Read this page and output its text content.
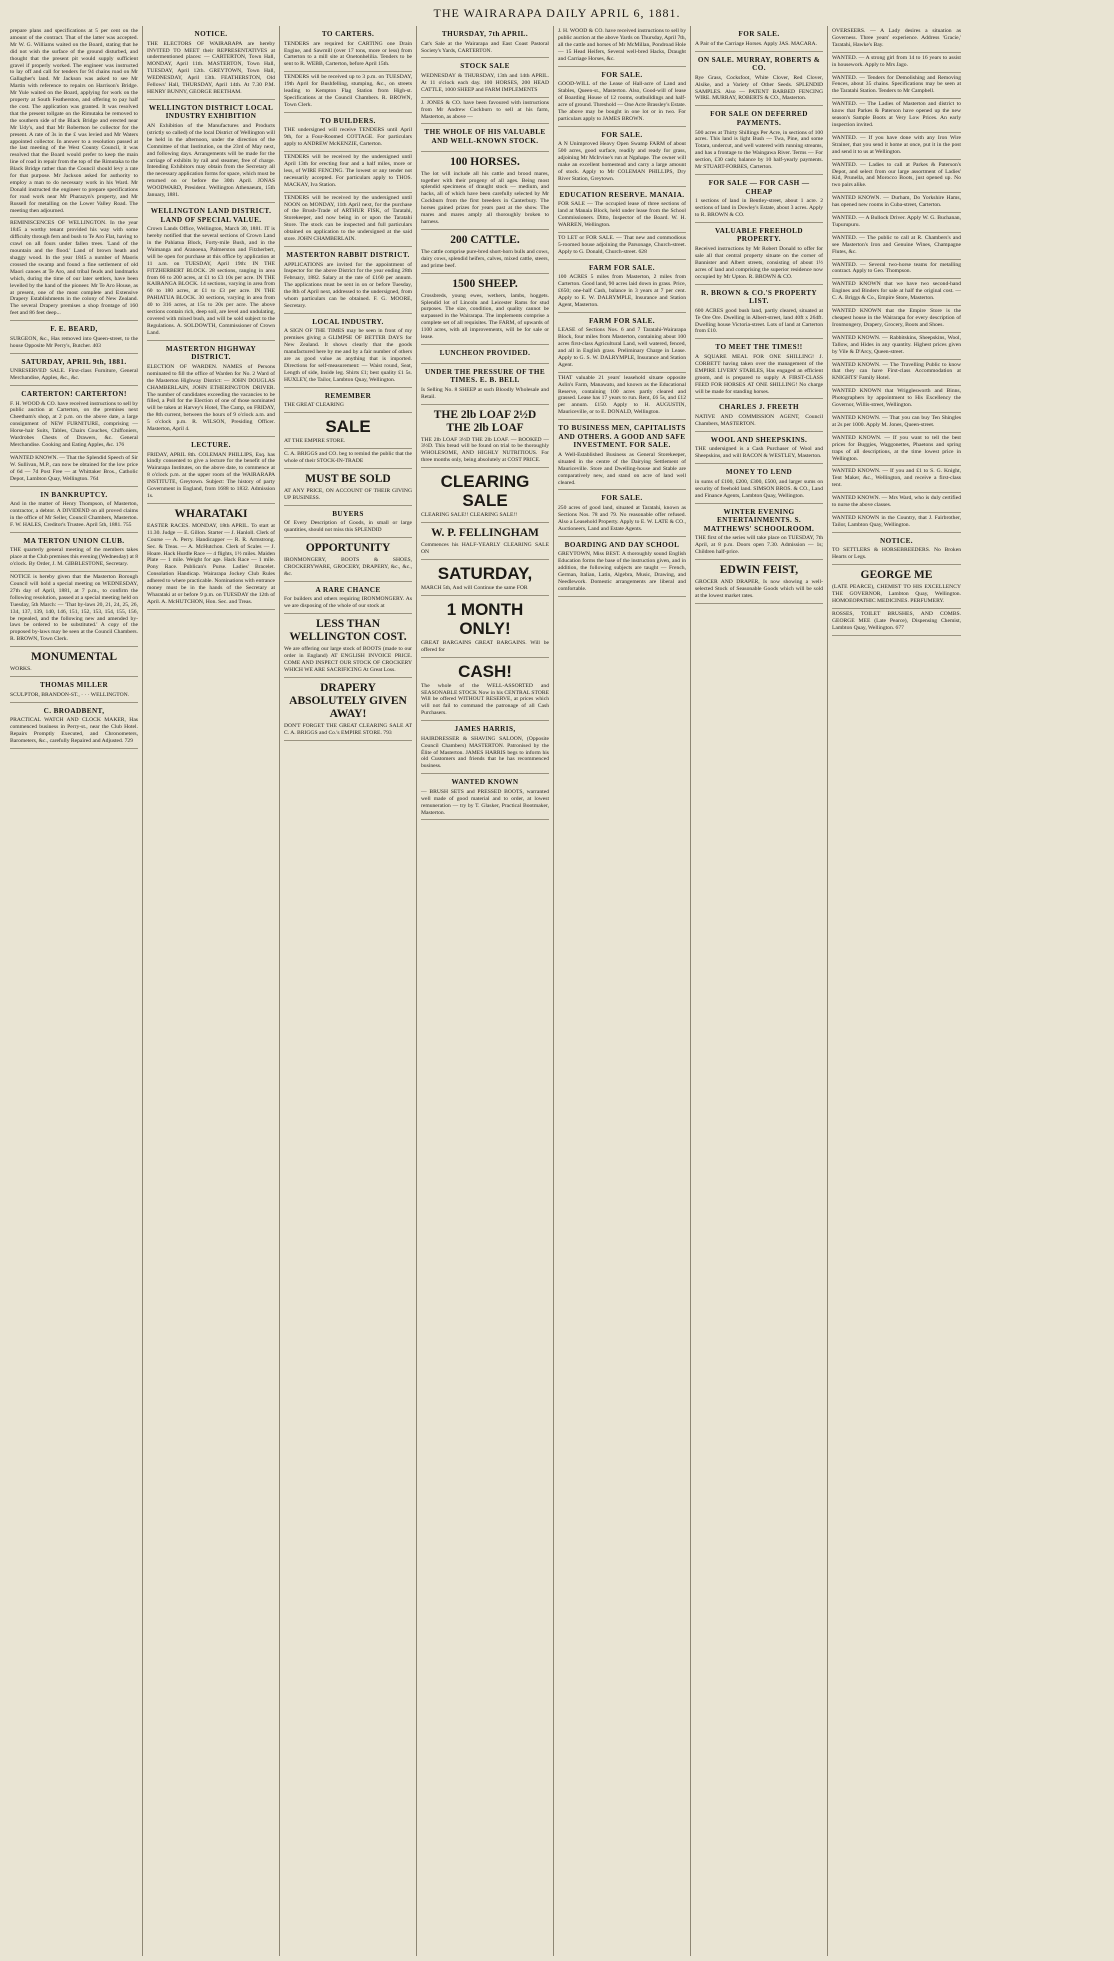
THE WAIRARAPA DAILY APRIL 6, 1881.

prepare plans and specifications at 5 per cent on the amount of the contract. That of the latter was accepted. Mr W. G. Williams waited on the Board, stating that he did not wish the surface of the ground disturbed, and thought that the present pit would supply sufficient gravel if properly worked. The engineer was instructed to lay off and call for tenders for 94 chains road on Mr Gallagher's land. Mr Jackson was asked to see Mr Martin with reference to repairs on Harrison's Bridge. Mr Yule waited on the Board, applying for work on the property at South Featherston, and offering to pay half the cost. The application was granted. It was resolved that the present tollgate on the Rimutaka be removed to the southern side of the Black Bridge and erected near Mr Udy's, and that Mr Robertson be collector for the present. A rate of 3s in the £ was levied and Mr Waters appointed collector. In answer to a resolution passed at the last meeting of the West County Council, it was resolved that the Board would prefer to keep the main line of road in repair from the top of the Rimutaka to the Black Bridge rather than the Council should levy a rate for that purpose. Mr Jackson asked for authority to employ a man to do necessary work in his Ward. Mr Donald instructed the engineer to prepare specifications for road work near Mr Pharazyn's property, and Mr Russell for metalling on the Lower Valley Road. The meeting then adjourned.

REMINISCENCES OF WELLINGTON. In the year 1845 a worthy tenant provided his way with some difficulty through fern and bush to Te Aro Flat, having to crawl on all fours under fallen trees. 'Land of the mountain and the flood.' Land of brown heath and shaggy wood. In the year 1845 a number of Maoris crossed the swamp and found a fine settlement of old Maori canoes at Te Aro, and tribal feuds and landmarks which, during the time of our later settlers, have been levelled by the hand of the pioneer. Mr Te Aro House, as at present, one of the most complete and Extensive Drapery Establishments in the colony of New Zealand. The several Drapery premises a shop frontage of 160 feet and 86 feet deep...

F. E. BEARD,

SURGEON, &c., Has removed into Queen-street, to the house Opposite Mr Perry's, Butcher. 403

SATURDAY, APRIL 9th, 1881.

UNRESERVED SALE. First-class Furniture, General Merchandise, Apples, &c., &c.

CARTERTON! CARTERTON!

F. H. WOOD & CO. have received instructions to sell by public auction at Carterton, on the premises next Cheetham's shop, at 2 p.m. on the above date, a large consignment of NEW FURNITURE, comprising — Horse-hair Suits, Tables, Chairs Couches, Chiffoniers, Wardrobes Chests of Drawers, &c. General Merchandise. Cooking and Eating Apples, &c. 176

WANTED KNOWN. — That the Splendid Speech of Sir W. Sullivan, M.P., can now be obtained for the low price of 6d — 7d Post Free — at Whittaker Bros., Catholic Depot, Lambton Quay, Wellington. 764

IN BANKRUPTCY.

And in the matter of Henry Thompson, of Masterton, contractor, a debtor. A DIVIDEND on all proved claims in the office of Mr Seller, Council Chambers, Masterton. F. W. HALES, Creditor's Trustee. April 5th, 1881. 755

MA TERTON UNION CLUB.

THE quarterly general meeting of the members takes place at the Club premises this evening (Wednesday) at 8 o'clock. By Order, J. M. GIBBLESTONE, Secretary.

NOTICE is hereby given that the Masterton Borough Council will hold a special meeting on WEDNESDAY, 27th day of April, 1881, at 7 p.m., to confirm the following resolution, passed at a special meeting held on Tuesday, 5th March: — 'That by-laws 20, 21, 24, 25, 26, 134, 137, 139, 140, 146, 151, 152, 153, 154, 155, 156, be repealed, and the following new and amended by-laws be ordered to be substituted.' A copy of the proposed by-laws may be seen at the Council Chambers. R. BROWN, Town Clerk.

MONUMENTAL

WORKS.

THOMAS MILLER

SCULPTOR, BRANDON-ST., · · · WELLINGTON.

C. BROADBENT,

PRACTICAL WATCH AND CLOCK MAKER, Has commenced business in Perry-st., near the Club Hotel. Repairs Promptly Executed, and Chronometers, Barometers, &c., carefully Repaired and Adjusted. 729

NOTICE.

THE ELECTORS OF WAIRARAPA are hereby INVITED TO MEET their REPRESENTATIVES at undermentioned places: — CARTERTON, Town Hall, MONDAY, April 11th. MASTERTON, Town Hall, TUESDAY, April 12th. GREYTOWN, Town Hall, WEDNESDAY, April 13th. FEATHERSTON, Old Fellows' Hall, THURSDAY, April 14th. At 7.30 P.M. HENRY BUNNY, GEORGE BEETHAM.

WELLINGTON DISTRICT LOCAL INDUSTRY EXHIBITION

AN Exhibition of the Manufactures and Products (strictly so called) of the local District of Wellington will be held in the afternoon, under the direction of the Committee of that Institution, on the 23rd of May next, and following days. Arrangements will be made for the carriage of exhibits by rail and steamer, free of charge. Intending Exhibitors may obtain from the Secretary all the necessary application forms for space, which must be returned on or before the 30th April. JONAS WOODWARD, President. Wellington Athenaeum, 15th January, 1881.

WELLINGTON LAND DISTRICT. LAND OF SPECIAL VALUE.

Crown Lands Office, Wellington, March 30, 1881. IT is hereby notified that the several sections of Crown Land in the Pahiatua Block, Forty-mile Bush, and in the Waimanga and Aranoeua, Palmerston and Fitzherbert, will be open for purchase at this office by application at 11 a.m. on TUESDAY, April 19th: IN THE FITZHERBERT BLOCK. 28 sections, ranging in area from 66 to 200 acres, at £1 to £3 10s per acre. IN THE KAIRANGA BLOCK. 14 sections, varying in area from 60 to 180 acres, at £1 to £3 per acre. IN THE PAHIATUA BLOCK. 30 sections, varying in area from 40 to 316 acres, at 15s to 20s per acre. The above sections contain rich, deep soil, are level and undulating, covered with mixed bush, and will be sold subject to the Regulations. A. SOLDOWTH, Commissioner of Crown Land.

MASTERTON HIGHWAY DISTRICT.

ELECTION OF WARDEN. NAMES of Persons nominated to fill the office of Warden for No. 2 Ward of the Masterton Highway District: — JOHN DOUGLAS CHAMBERLAIN, JOHN ETHERINGTON DRIVER. The number of candidates exceeding the vacancies to be filled, a Poll for the Election of one of those nominated will be taken at Harvey's Hotel, The Camp, on FRIDAY, the 8th current, between the hours of 9 o'clock a.m. and 5 o'clock p.m. R. WILSON, Presiding Officer. Masterton, April 4.

LECTURE.

FRIDAY, APRIL 8th. COLEMAN PHILLIPS, Esq. has kindly consented to give a lecture for the benefit of the Wairarapa Institutes, on the above date, to commence at 8 o'clock p.m. at the upper room of the WAIRARAPA INSTITUTE, Greytown. Subject: The history of party Government in England, from 1688 to 1832. Admission 1s.

WHARATAKI

EASTER RACES. MONDAY, 18th APRIL. To start at 11.30. Judge — E. Gillon. Starter — J. Hanloll. Clerk of Course — A. Perry. Handicapper — R. R. Armstrong. Sec. & Treas. — A. McHutchon. Clerk of Scales — J. Hoare. Hack Hurdle Race — 4 flights, 1½ miles. Maiden Plate — 1 mile. Weight for age. Hack Race — 1 mile. Pony Race. Publican's Purse. Ladies' Bracelet. Consolation Handicap. Wairarapa Jockey Club Rules adhered to where practicable. Nominations with entrance money must be in the hands of the Secretary at Wharataki at or before 9 p.m. on TUESDAY the 12th of April. A. McHUTCHON, Hon. Sec. and Treas.

TO CARTERS.

TENDERS are required for CARTING one Drain Engine, and Sawmill (over 17 tons, more or less) from Carterton to a mill site at Onetonhelilia. Tenders to be sent to R. WEBB, Carterton, before April 15th.

TENDERS will be received up to 3 p.m. on TUESDAY, 19th April for Bushfelling, stumping, &c., on streets leading to Kempton Flag Station from High-st. Specifications at the Council Chambers. R. BROWN, Town Clerk.

TO BUILDERS.

THE undersigned will receive TENDERS until April 9th, for a Four-Roomed COTTAGE. For particulars apply to ANDREW McKENZIE, Carterton.

TENDERS will be received by the undersigned until April 13th for erecting four and a half miles, more or less, of WIRE FENCING. The lowest or any tender not necessarily accepted. For particulars apply to THOS. MACKAY, Iva Station.

TENDERS will be received by the undersigned until NOON on MONDAY, 11th April next, for the purchase of the Brush-Trade of ARTHUR FISK, of Taratahi, Storekeeper, and now being in or upon the Taratahi Store. The stock can be inspected and full particulars obtained on application to the undersigned at the said store. JOHN CHAMBERLAIN.

MASTERTON RABBIT DISTRICT.

APPLICATIONS are invited for the appointment of Inspector for the above District for the year ending 28th February, 1882. Salary at the rate of £160 per annum. The applications must be sent in on or before Tuesday, the 8th of April next, addressed to the undersigned, from whom particulars can be obtained. F. G. MOORE, Secretary.

LOCAL INDUSTRY.

A SIGN OF THE TIMES may be seen in front of my premises giving a GLIMPSE OF BETTER DAYS for New Zealand. It shows clearly that the goods manufactured here by me and by a fair number of others are as good value as anything that is imported. Directions for self-measurement: — Waist round, Seat, Length of side, Inside leg. Shirts £1; best quality £1 5s. HUXLEY, the Tailor, Lambton Quay, Wellington.

REMEMBER

THE GREAT CLEARING

SALE

AT THE EMPIRE STORE.

C. A. BRIGGS and CO. beg to remind the public that the whole of their STOCK-IN-TRADE

MUST BE SOLD

AT ANY PRICE, ON ACCOUNT OF THEIR GIVING UP BUSINESS.

BUYERS

Of Every Description of Goods, in small or large quantities, should not miss this SPLENDID

OPPORTUNITY

IRONMONGERY, BOOTS & SHOES, CROCKERYWARE, GROCERY, DRAPERY, &c., &c., &c.

A RARE CHANCE

For builders and others requiring IRONMONGERY. As we are disposing of the whole of our stock at

LESS THAN WELLINGTON COST.

We are offering our large stock of BOOTS (made to our order in England) AT ENGLISH INVOICE PRICE. COME AND INSPECT OUR STOCK OF CROCKERY WHICH WE ARE SACRIFICING At Great Loss.

DRAPERY ABSOLUTELY GIVEN AWAY!

DON'T FORGET THE GREAT CLEARING SALE AT C. A. BRIGGS and Co.'s EMPIRE STORE. 793

THURSDAY, 7th APRIL.

Cat's Sale at the Wairarapa and East Coast Pastoral Society's Yards, CARTERTON.

STOCK SALE

WEDNESDAY & THURSDAY, 13th and 14th APRIL. At 11 o'clock each day. 100 HORSES, 200 HEAD CATTLE, 1000 SHEEP and FARM IMPLEMENTS

J. JONES & CO. have been favoured with instructions from Mr Andrew Cockburn to sell at his farm, Masterton, as above —

THE WHOLE OF HIS VALUABLE AND WELL-KNOWN STOCK.
100 HORSES.

The lot will include all his cattle and brood mares, together with their progeny of all ages. Being most splendid specimens of draught stock — medium, and hacks, all of which have been carefully selected by Mr Cockburn from the first breeders in Canterbury. The horses gained prizes for years past at the show. The mares and mares amply all thoroughly broken to harness.

200 CATTLE.

The cattle comprise pure-bred short-horn bulls and cows, dairy cows, splendid heifers, calves, mixed cattle, steers, and prime beef.

1500 SHEEP.

Crossbreds, young ewes, wethers, lambs, hoggets. Splendid lot of Lincoln and Leicester Rams for stud purposes. The size, condition, and quality cannot be surpassed in the Wairarapa. The implements comprise a complete set of all requisites. The FARM, of upwards of 1100 acres, with all improvements, will be for sale or lease.

LUNCHEON PROVIDED.
UNDER THE PRESSURE OF THE TIMES. E. B. BELL

Is Selling No. 8 SHEEP at such Bloodly Wholesale and Retail.

THE 2lb LOAF 2½D THE 2lb LOAF

THE 2lb LOAF 3½D THE 2lb LOAF. — BOOKED — 3½D. This bread will be found on trial to be thoroughly WHOLESOME, AND HIGHLY NUTRITIOUS. For three months only, being absolutely at COST PRICE.

CLEARING SALE

CLEARING SALE!! CLEARING SALE!!

W. P. FELLINGHAM

Commences his HALF-YEARLY CLEARING SALE ON

SATURDAY,

MARCH 5th, And will Continue the same FOR

1 MONTH ONLY!

GREAT BARGAINS GREAT BARGAINS. Will be offered for

CASH!

The whole of the WELL-ASSORTED and SEASONABLE STOCK Now in his CENTRAL STORE Will be offered WITHOUT RESERVE, at prices which will not fail to command the patronage of all Cash Purchasers.

JAMES HARRIS,

HAIRDRESSER & SHAVING SALOON, (Opposite Council Chambers) MASTERTON. Patronised by the Élite of Masterton. JAMES HARRIS begs to inform his old Customers and friends that he has recommenced business.

WANTED KNOWN

— BRUSH SETS and PRESSED BOOTS, warranted well made of good material and to order, at lowest remuneration — try by T. Glasker, Practical Bootmaker, Masterton.

J. H. WOOD & CO. have received instructions to sell by public auction at the above Yards on Thursday, April 7th, all the cattle and horses of Mr McMillan, Pondroad Hole — 15 Head Heifers, Several well-bred Hacks, Draught and Carriage Horses, &c.

FOR SALE.

GOOD-WILL of the Lease of Hall-acre of Land and Stables, Queen-st., Masterton. Also, Good-will of lease of Boarding House of 12 rooms, outbuildings and half-acre of ground. Threshold — One Acre Brassley's Estate. The above may be bought in one lot or in two. For particulars apply to JAMES BROWN.

FOR SALE.

A N Unimproved Heavy Open Swamp FARM of about 500 acres, good surface, readily and ready for grass, adjoining Mr McIrvine's run at Ngahape. The owner will make an excellent homestead and carry a large amount of stock. Apply to Mr COLEMAN PHILLIPS, Dry River Station, Greytown.

EDUCATION RESERVE. MANAIA.

FOR SALE — The occupied lease of three sections of land at Manaia Block, held under lease from the School Commissioners. Ditto, Inspector of the Board. W. H. WARREN, Wellington.

TO LET or FOR SALE. — That new and commodious 5-roomed house adjoining the Parsonage, Church-street. Apply to G. Donald, Church-street. 628

FARM FOR SALE.

100 ACRES 5 miles from Masterton, 2 miles from Carterton. Good land, 90 acres laid down in grass. Price, £650; one-half Cash, balance in 3 years at 7 per cent. Apply to E. W. DALRYMPLE, Insurance and Station Agent, Masterton.

FARM FOR SALE.

LEASE of Sections Nos. 6 and 7 Taratahi-Wairarapa Block, four miles from Masterton, containing about 100 acres first-class Agricultural Land, well watered, fenced, and all in English grass. Preliminary Charge in Lease. Apply to G. S. W. DALRYMPLE, Insurance and Station Agent.

THAT valuable 21 years' leasehold situate opposite Aslin's Farm, Manawatu, and known as the Educational Reserve, containing 100 acres partly cleared and grassed. Lease has 17 years to run. Rent, £6 5s, and £12 per annum. £150. Apply to H. AUGUSTIN, Mauriceville, or to E. DONALD, Wellington.

TO BUSINESS MEN, CAPITALISTS AND OTHERS. A GOOD AND SAFE INVESTMENT. FOR SALE.

A Well-Established Business as General Storekeeper, situated in the centre of the Dairying Settlement of Mauriceville. Store and Dwelling-house and Stable are comparatively new, and stand on acre of land well cleared.

FOR SALE.

250 acres of good land, situated at Taratahi, known as Sections Nos. 78 and 79. No reasonable offer refused. Also a Leasehold Property. Apply to E. W. LATE & CO., Auctioneers, Land and Estate Agents.

BOARDING AND DAY SCHOOL

GREYTOWN, Miss BEST. A thoroughly sound English Education forms the base of the instruction given, and in addition, the following subjects are taught — French, German, Italian, Latin, Algebra, Music, Drawing, and Needlework. Domestic arrangements are liberal and comfortable.

FOR SALE.

A Pair of the Carriage Horses. Apply JAS. MACARA.

ON SALE. MURRAY, ROBERTS & CO.

Rye Grass, Cocksfoot, White Clover, Red Clover, Alsike, and a Variety of Other Seeds. SPLENDID SAMPLES. Also — PATENT BARBED FENCING WIRE. MURRAY, ROBERTS & CO., Masterton.

FOR SALE ON DEFERRED PAYMENTS.

500 acres at Thirty Shillings Per Acre, in sections of 100 acres. This land is light Bush — Twa, Pine, and some Totara, undercut, and well watered with running streams, and has a frontage to the Waingawa River. Terms — For section, £30 cash; balance by 10 half-yearly payments. Mr STUART-FORBES, Carterton.

FOR SALE — FOR CASH — CHEAP

1 sections of land in Bentley-street, about 1 acre. 2 sections of land in Dowley's Estate, about 3 acres. Apply to R. BROWN & CO.

VALUABLE FREEHOLD PROPERTY.

Received instructions by Mr Robert Donald to offer for sale all that central property situate on the corner of Bannister and Albert streets, consisting of about 1½ acres of land and comprising the superior residence now occupied by Mr Upton. R. BROWN & CO.

R. BROWN & CO.'S PROPERTY LIST.

600 ACRES good bush land, partly cleared, situated at Te Ore Ore. Dwelling in Albert-street, land 40ft x 264ft. Dwelling house Victoria-street. Lots of land at Carterton from £10.

TO MEET THE TIMES!!

A SQUARE MEAL FOR ONE SHILLING! J. CORBETT having taken over the management of the EMPIRE LIVERY STABLES, Has engaged an efficient groom, and is prepared to supply A FIRST-CLASS FEED FOR HORSES AT ONE SHILLING! No charge will be made for standing horses.

CHARLES J. FREETH

NATIVE AND COMMISSION AGENT, Council Chambers, MASTERTON.

WOOL AND SHEEPSKINS.

THE undersigned is a Cash Purchaser of Wool and Sheepskins, and will BACON & WESTLEY, Masterton.

MONEY TO LEND

in sums of £100, £200, £300, £500, and larger sums on security of freehold land. SIMSON BROS. & CO., Land and Finance Agents, Lambton Quay, Wellington.

WINTER EVENING ENTERTAINMENTS. S. MATTHEWS' SCHOOLROOM.

THE first of the series will take place on TUESDAY, 7th April, at 8 p.m. Doors open 7.30. Admission — 1s; Children half-price.

EDWIN FEIST,

GROCER AND DRAPER, Is now showing a well-selected Stock of Seasonable Goods which will be sold at the lowest market rates.

OVERSEERS. — A Lady desires a situation as Governess. Three years' experience. Address 'Gracie,' Taratahi, Hawke's Bay.

WANTED. — A strong girl from 14 to 16 years to assist in housework. Apply to Mrs Jago.

WANTED. — Tenders for Demolishing and Removing Fences, about 35 chains. Specifications may be seen at the Taratahi Station. Tenders to Mr Campbell.

WANTED. — The Ladies of Masterton and district to know that Parkes & Paterson have opened up the new season's Sample Boots at Very Low Prices. An early inspection invited.

WANTED. — If you have done with any Iron Wire Strainer, that you send it home at once, put it in the post and send it to us at Wellington.

WANTED. — Ladies to call at Parkes & Paterson's Depot, and select from our large assortment of Ladies' Kid, Prunella, and Morocco Boots, just opened up. No two pairs alike.

WANTED KNOWN. — Durham, Do Yorkshire Hams, has opened new rooms in Cuba-street, Carterton.

WANTED. — A Bullock Driver. Apply W. G. Buchanan, Tupurupuru.

WANTED. — The public to call at R. Chambers's and see Masterton's Iron and Genuine Wines, Champagne Flutes, &c.

WANTED. — Several two-horse teams for metalling contract. Apply to Geo. Thompson.

WANTED KNOWN that we have two second-hand Engines and Binders for sale at half the original cost. — C. A. Briggs & Co., Empire Store, Masterton.

WANTED KNOWN that the Empire Store is the cheapest house in the Wairarapa for every description of Ironmongery, Drapery, Grocery, Boots and Shoes.

WANTED KNOWN. — Rabbitskins, Sheepskins, Wool, Tallow, and Hides in any quantity. Highest prices given by Vile & D'Arcy, Queen-street.

WANTED KNOWN. — The Travelling Public to know that they can have First-class Accommodation at KNIGHTS' Family Hotel.

WANTED KNOWN that Wrigglesworth and Binns, Photographers by appointment to His Excellency the Governor, Willis-street, Wellington.

WANTED KNOWN. — That you can buy Ten Shingles at 2s per 1000. Apply M. Jones, Queen-street.

WANTED KNOWN. — If you want to tell the best prices for Buggies, Waggonettes, Phaetons and spring traps of all descriptions, at the time lowest price in Wellington.

WANTED KNOWN. — If you and £1 to S. G. Knight, Tent Maker, &c., Wellington, and receive a first-class tent.

WANTED KNOWN. — Mrs Ward, who is duly certified to nurse the above classes.

WANTED KNOWN in the Country, that J. Fairbrother, Tailor, Lambton Quay, Wellington.

NOTICE.

TO SETTLERS & HORSEBREEDERS. No Broken Hearts or Legs.

GEORGE ME

(LATE PEARCE), CHEMIST TO HIS EXCELLENCY THE GOVERNOR, Lambton Quay, Wellington. HOMOEOPATHIC MEDICINES. PERFUMERY.

ROSSES, TOILET BRUSHES, AND COMBS. GEORGE MEE (Late Pearce), Dispensing Chemist, Lambton Quay, Wellington. 677
